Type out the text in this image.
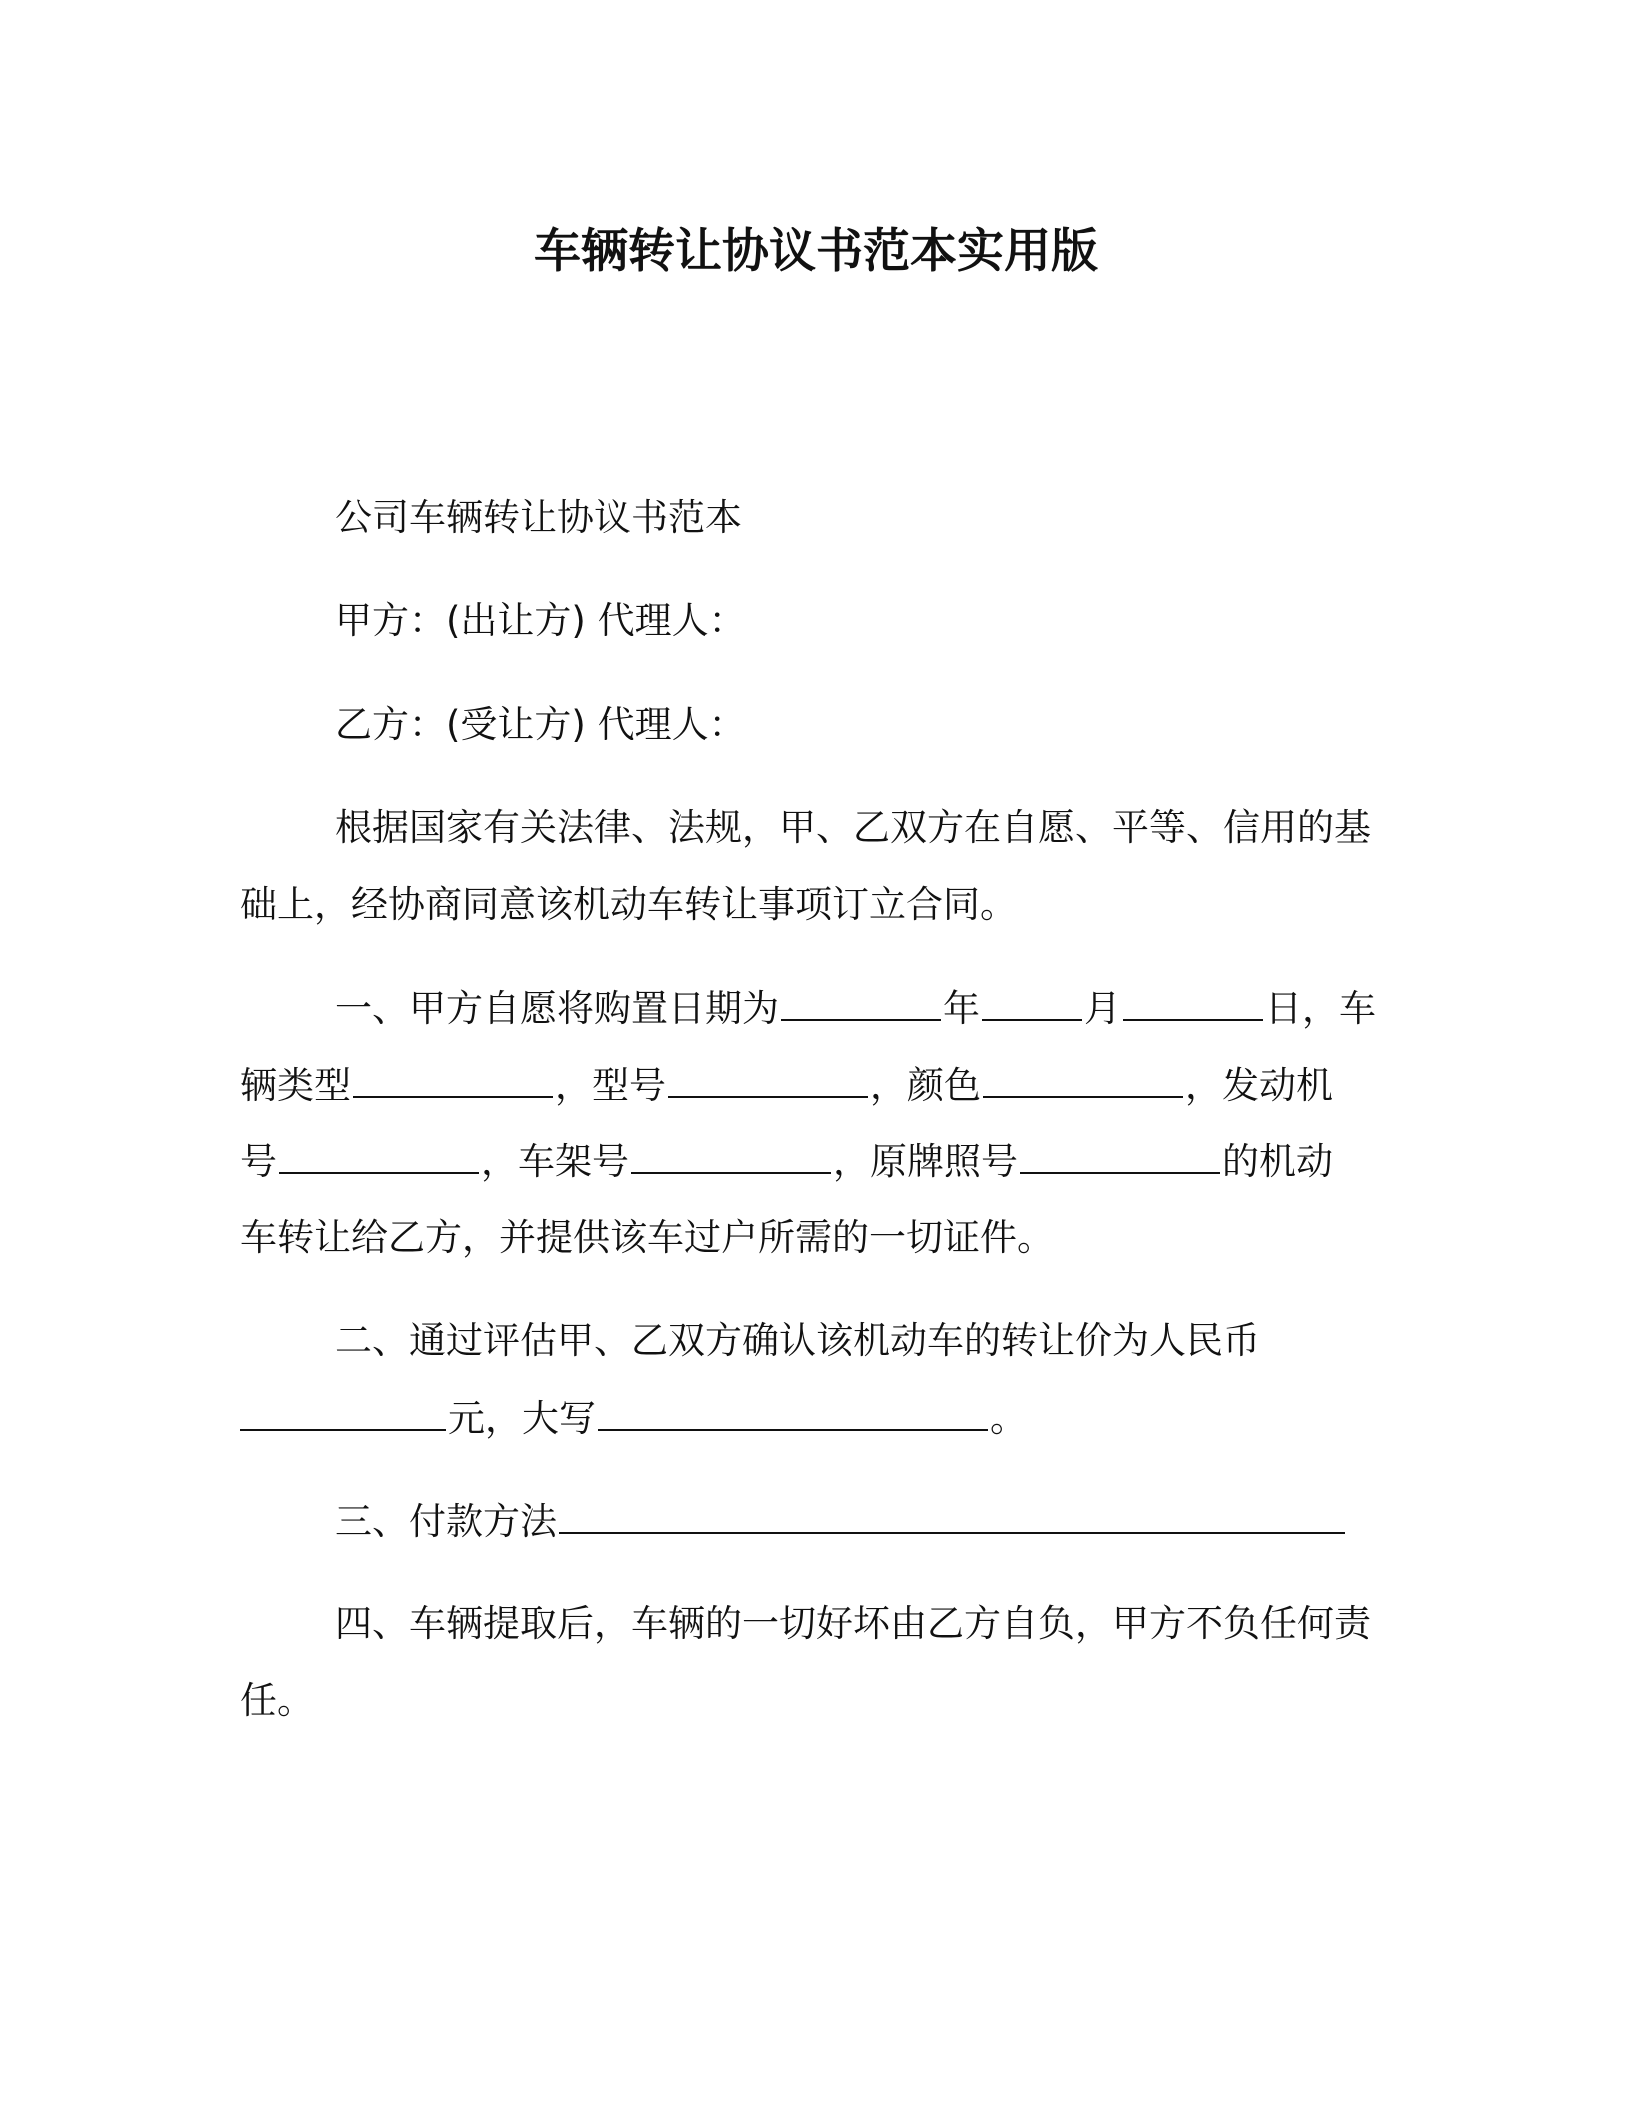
车辆转让协议书范本实用版
公司车辆转让协议书范本
甲方：(出让方) 代理人：
乙方：(受让方) 代理人：
根据国家有关法律、法规，甲、乙双方在自愿、平等、信用的基
础上，经协商同意该机动车转让事项订立合同。
一、甲方自愿将购置日期为	年	月	日，车
辆类型	，型号	，颜色	，发动机
号	，车架号	，原牌照号	的机动
车转让给乙方，并提供该车过户所需的一切证件。
二、通过评估甲、乙双方确认该机动车的转让价为人民币
元，大写	。
三、付款方法
四、车辆提取后，车辆的一切好坏由乙方自负，甲方不负任何责
任。
